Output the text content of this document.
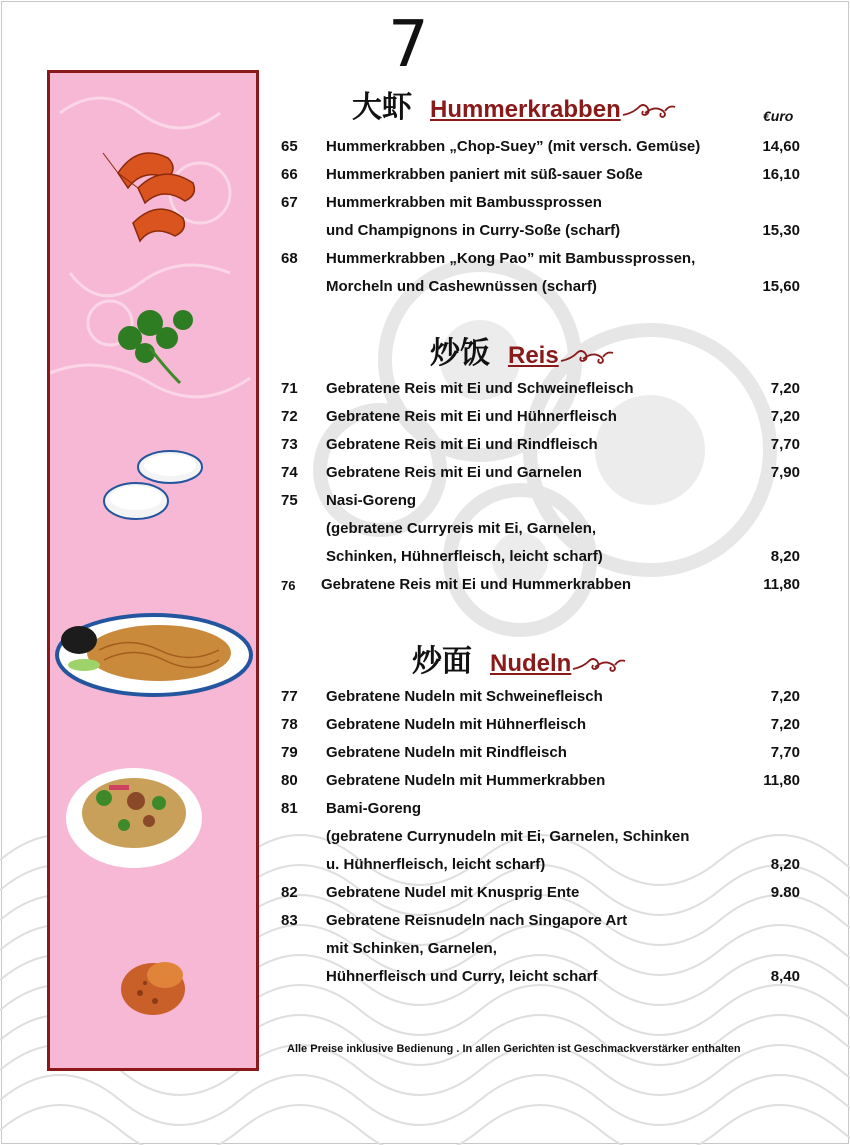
7
大虾 Hummerkrabben	€uro
65 Hummerkrabben „Chop-Suey” (mit versch. Gemüse)	14,60
66 Hummerkrabben paniert mit süß-sauer Soße	16,10
67 Hummerkrabben mit Bambussprossen
und Champignons in Curry-Soße (scharf)	15,30
68 Hummerkrabben „Kong Pao” mit Bambussprossen,
Morcheln und Cashewnüssen (scharf)	15,60
炒饭 Reis
71 Gebratene Reis mit Ei und Schweinefleisch	7,20
72 Gebratene Reis mit Ei und Hühnerfleisch	7,20
73 Gebratene Reis mit Ei und Rindfleisch	7,70
74 Gebratene Reis mit Ei und Garnelen	7,90
75 Nasi-Goreng
(gebratene Curryreis mit Ei, Garnelen,
Schinken, Hühnerfleisch, leicht scharf)	8,20
76 Gebratene Reis mit Ei und Hummerkrabben	11,80
炒面 Nudeln
77 Gebratene Nudeln mit Schweinefleisch	7,20
78 Gebratene Nudeln mit Hühnerfleisch	7,20
79 Gebratene Nudeln mit Rindfleisch	7,70
80 Gebratene Nudeln mit Hummerkrabben	11,80
81 Bami-Goreng
(gebratene Currynudeln mit Ei, Garnelen, Schinken
u. Hühnerfleisch, leicht scharf)	8,20
82 Gebratene Nudel mit Knusprig Ente	9.80
83 Gebratene Reisnudeln nach Singapore Art
mit Schinken, Garnelen,
Hühnerfleisch und Curry, leicht scharf	8,40
Alle Preise inklusive Bedienung . In allen Gerichten ist Geschmackverstärker enthalten
